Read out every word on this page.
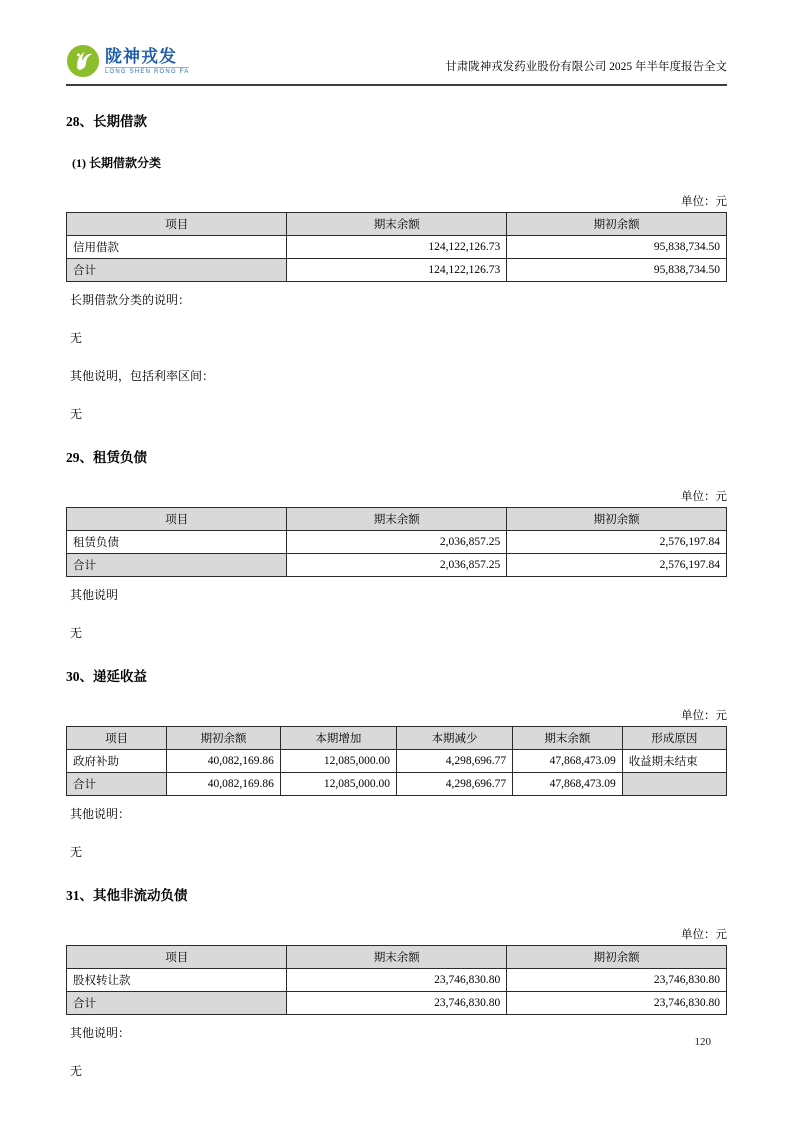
陇神戎发
LONG SHEN RONG FA	甘肃陇神戎发药业股份有限公司 2025 年半年度报告全文
28、长期借款
(1) 长期借款分类
单位：元
项目	期末余额	期初余额
信用借款	124,122,126.73	95,838,734.50
合计	124,122,126.73	95,838,734.50
长期借款分类的说明：
无
其他说明，包括利率区间：
无
29、租赁负债
单位：元
项目	期末余额	期初余额
租赁负债	2,036,857.25	2,576,197.84
合计	2,036,857.25	2,576,197.84
其他说明
无
30、递延收益
单位：元
项目	期初余额	本期增加	本期减少	期末余额	形成原因
政府补助	40,082,169.86	12,085,000.00	4,298,696.77	47,868,473.09	收益期未结束
合计	40,082,169.86	12,085,000.00	4,298,696.77	47,868,473.09	
其他说明：
无
31、其他非流动负债
单位：元
项目	期末余额	期初余额
股权转让款	23,746,830.80	23,746,830.80
合计	23,746,830.80	23,746,830.80
其他说明：
无
120
